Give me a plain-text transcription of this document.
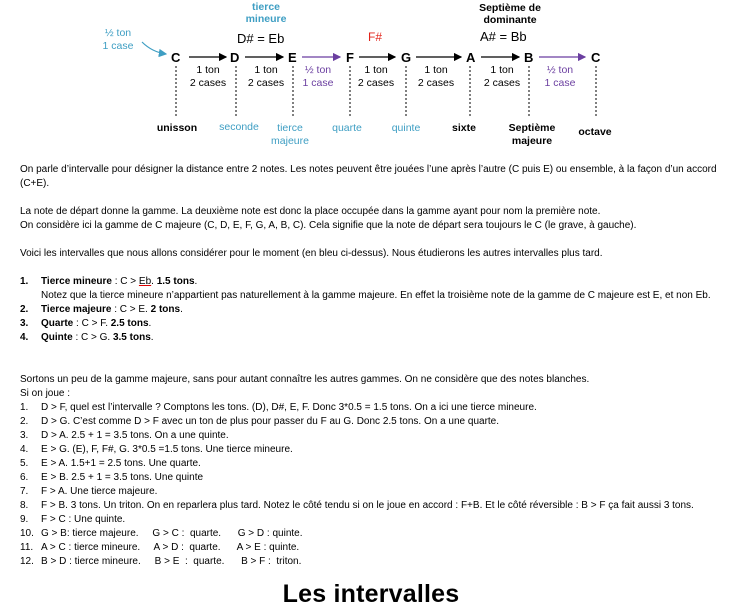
½ ton
1 case
tierce mineure
D# = Eb	F#
Septième de dominante
A# = Bb
C	D	E	F	G	A	B	C
1 ton
2 cases
1 ton
2 cases
½ ton
1 case
1 ton
2 cases
1 ton
2 cases
1 ton
2 cases
½ ton
1 case
unisson	seconde	tierce majeure
quarte	quinte	sixte	Septième majeure
octave

On parle d’intervalle pour désigner la distance entre 2 notes. Les notes peuvent être jouées l’une après l’autre (C puis E) ou ensemble, à la façon d’un accord (C+E).

La note de départ donne la gamme. La deuxième note est donc la place occupée dans la gamme ayant pour nom la première note.

On considère ici la gamme de C majeure (C, D, E, F, G, A, B, C). Cela signifie que la note de départ sera toujours le C (le grave, à gauche).

Voici les intervalles que nous allons considérer pour le moment (en bleu ci-dessus). Nous étudierons les autres intervalles plus tard.

1. Tierce mineure : C > Eb. 1.5 tons.
Notez que la tierce mineure n’appartient pas naturellement à la gamme majeure. En effet la troisième note de la gamme de C majeure est E, et non Eb.
2. Tierce majeure : C > E. 2 tons.
3. Quarte : C > F. 2.5 tons.
4. Quinte : C > G. 3.5 tons.

Sortons un peu de la gamme majeure, sans pour autant connaître les autres gammes. On ne considère que des notes blanches.

Si on joue :

1. D > F, quel est l’intervalle ? Comptons les tons. (D), D#, E, F. Donc 3*0.5 = 1.5 tons. On a ici une tierce mineure.
2. D > G. C’est comme D > F avec un ton de plus pour passer du F au G. Donc 2.5 tons. On a une quarte.
3. D > A. 2.5 + 1 = 3.5 tons. On a une quinte.
4. E > G. (E), F, F#, G. 3*0.5 =1.5 tons. Une tierce mineure.
5. E > A. 1.5+1 = 2.5 tons. Une quarte.
6. E > B. 2.5 + 1 = 3.5 tons. Une quinte
7. F > A. Une tierce majeure.
8. F > B. 3 tons. Un triton. On en reparlera plus tard. Notez le côté tendu si on le joue en accord : F+B. Et le côté réversible : B > F ça fait aussi 3 tons.
9. F > C : Une quinte.
10. G > B: tierce majeure.     G > C :  quarte.      G > D : quinte.
11. A > C : tierce mineure.     A > D :  quarte.      A > E : quinte.
12. B > D : tierce mineure.     B > E  :  quarte.      B > F :  triton.
Les intervalles
